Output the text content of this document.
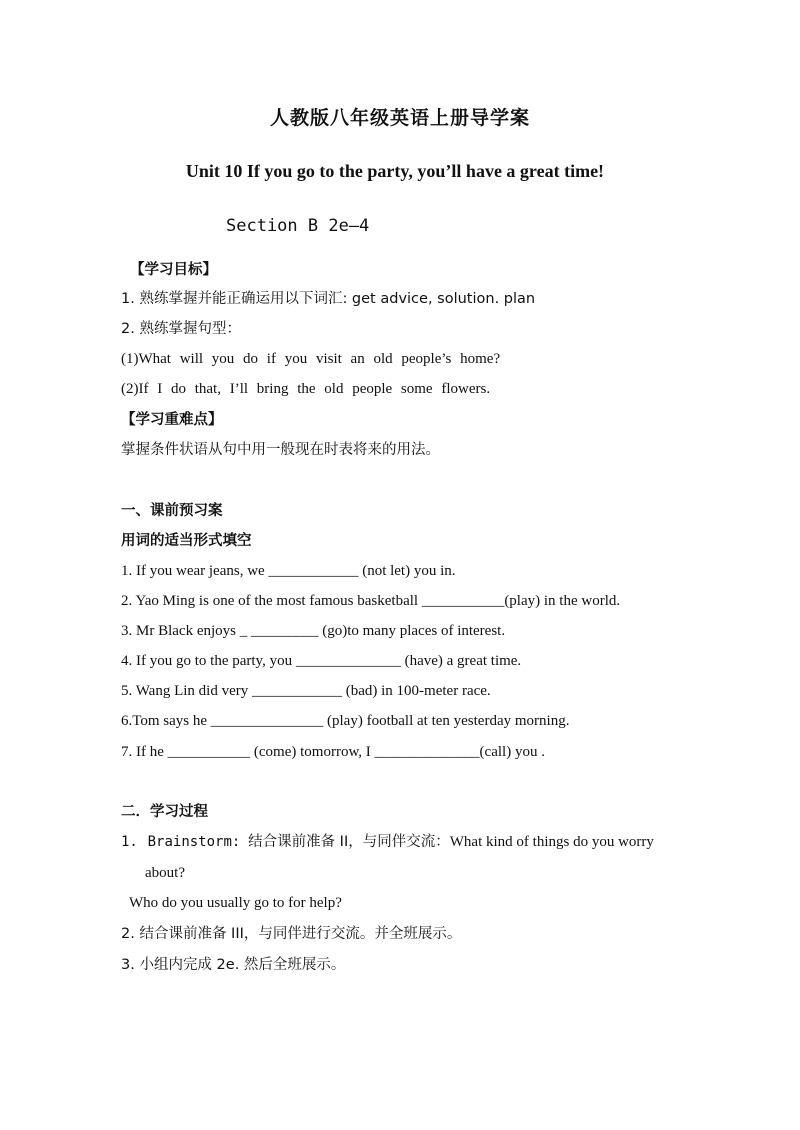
人教版八年级英语上册导学案
Unit 10 If you go to the party, you’ll have a great time!
Section B 2e—4
【学习目标】
1. 熟练掌握并能正确运用以下词汇: get advice, solution. plan
2. 熟练掌握句型：
(1)What will you do if you visit an old people’s home?
(2)If I do that, I’ll bring the old people some flowers.
【学习重难点】
掌握条件状语从句中用一般现在时表将来的用法。
一、课前预习案
用词的适当形式填空
1. If you wear jeans, we ____________ (not let) you in.
2. Yao Ming is one of the most famous basketball ___________(play) in the world.
3. Mr Black enjoys _ _________ (go)to many places of interest.
4. If you go to the party, you ______________ (have) a great time.
5. Wang Lin did very ____________ (bad) in 100-meter race.
6.Tom says he _______________ (play) football at ten yesterday morning.
7. If he ___________ (come) tomorrow, I ______________(call) you .
二．学习过程
1. Brainstorm: 结合课前准备 II，与同伴交流：What kind of things do you worry
about?
Who do you usually go to for help?
2. 结合课前准备 III，与同伴进行交流。并全班展示。
3. 小组内完成 2e. 然后全班展示。
